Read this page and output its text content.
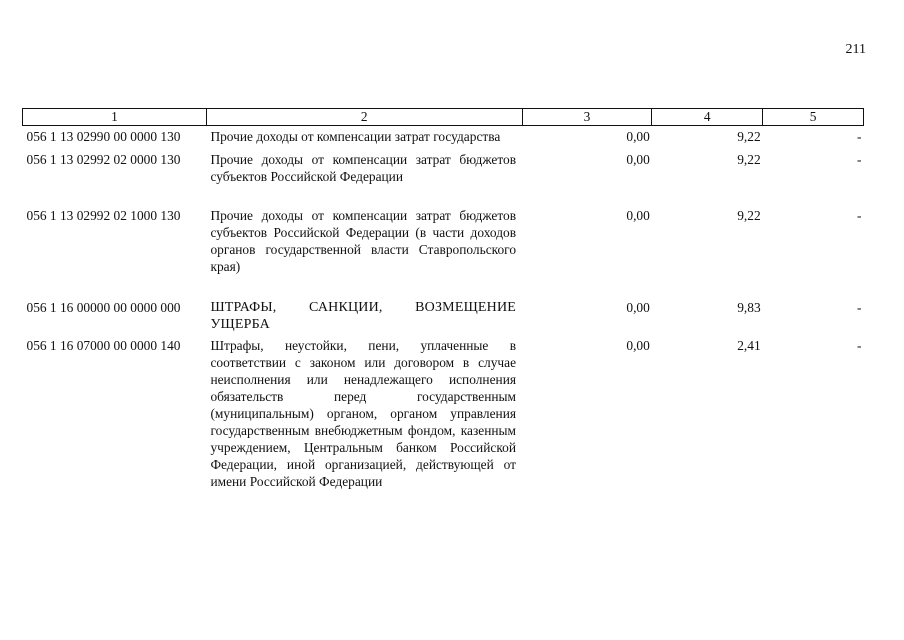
211
1	2	3	4	5
056 1 13 02990 00 0000 130	Прочие доходы от компенсации затрат государства	0,00	9,22	-

056 1 13 02992 02 0000 130	Прочие доходы от компенсации затрат бюджетов субъектов Российской Федерации	0,00	9,22	-

056 1 13 02992 02 1000 130	Прочие доходы от компенсации затрат бюджетов субъектов Российской Федерации (в части доходов органов государственной власти Ставропольского края)	0,00	9,22	-

056 1 16 00000 00 0000 000	ШТРАФЫ, САНКЦИИ, ВОЗМЕЩЕНИЕ УЩЕРБА	0,00	9,83	-

056 1 16 07000 00 0000 140	Штрафы, неустойки, пени, уплаченные в соответствии с законом или договором в случае неисполнения или ненадлежащего исполнения обязательств перед государственным (муниципальным) органом, органом управления государственным внебюджетным фондом, казенным учреждением, Центральным банком Российской Федерации, иной организацией, действующей от имени Российской Федерации	0,00	2,41	-
